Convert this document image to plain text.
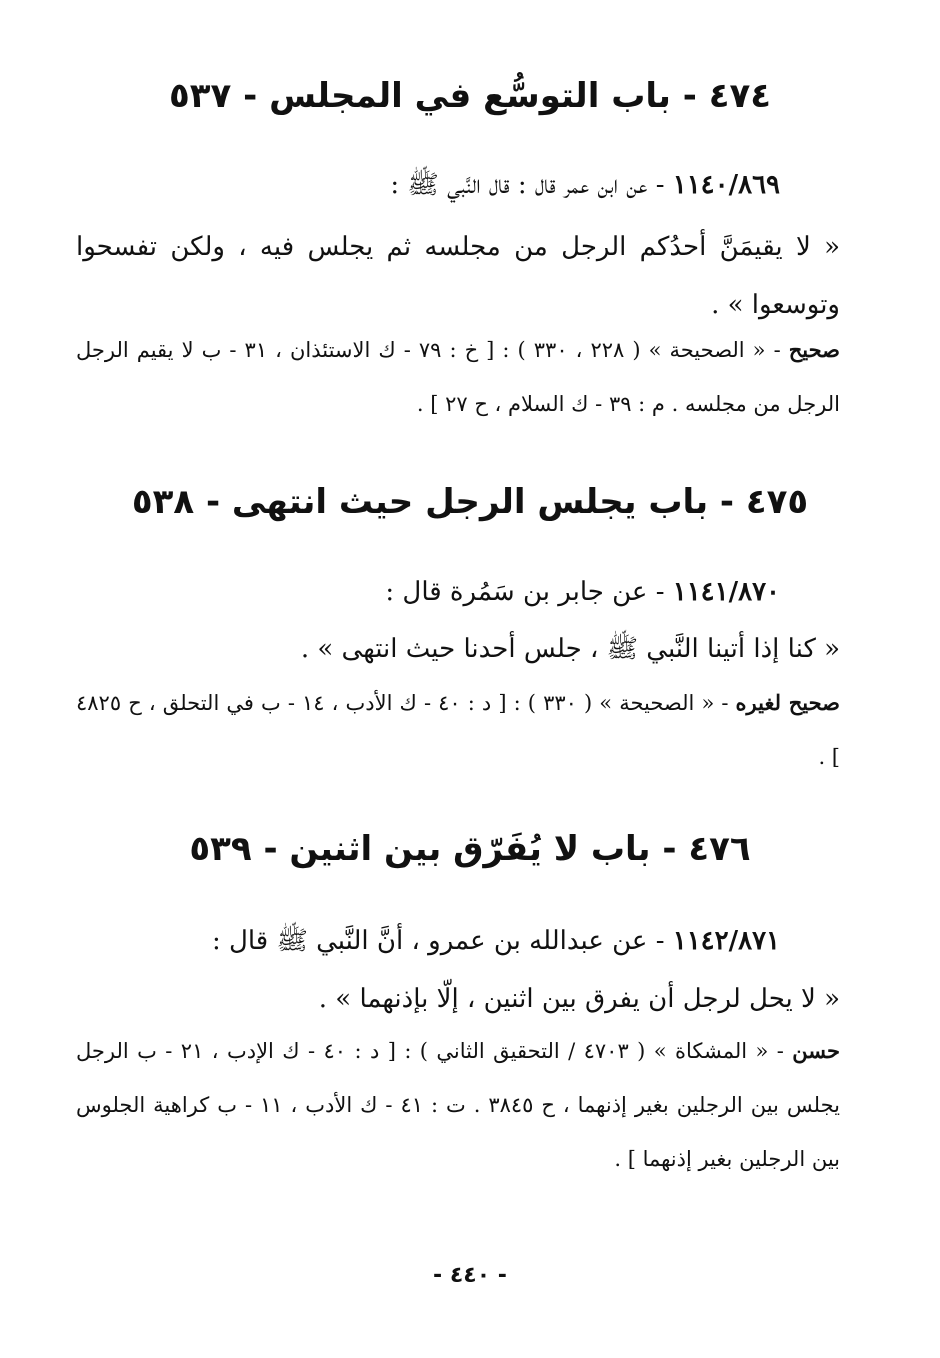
٤٧٤ - باب التوسُّع في المجلس - ٥٣٧
١١٤٠/٨٦٩ - عن ابن عمر قال : قال النَّبي ﷺ :
« لا يقيمَنَّ أحدُكم الرجل من مجلسه ثم يجلس فيه ، ولكن تفسحوا وتوسعوا » .
صحيح - « الصحيحة » ( ٢٢٨ ، ٣٣٠ ) : [ خ : ٧٩ - ك الاستئذان ، ٣١ - ب لا يقيم الرجل الرجل من مجلسه . م : ٣٩ - ك السلام ، ح ٢٧ ] .
٤٧٥ - باب يجلس الرجل حيث انتهى - ٥٣٨
١١٤١/٨٧٠ - عن جابر بن سَمُرة قال :
« كنا إذا أتينا النَّبي ﷺ ، جلس أحدنا حيث انتهى » .
صحيح لغيره - « الصحيحة » ( ٣٣٠ ) : [ د : ٤٠ - ك الأدب ، ١٤ - ب في التحلق ، ح ٤٨٢٥ ] .
٤٧٦ - باب لا يُفَرّق بين اثنين - ٥٣٩
١١٤٢/٨٧١ - عن عبدالله بن عمرو ، أنَّ النَّبي ﷺ قال :
« لا يحل لرجل أن يفرق بين اثنين ، إلّا بإذنهما » .
حسن - « المشكاة » ( ٤٧٠٣ / التحقيق الثاني ) : [ د : ٤٠ - ك الإدب ، ٢١ - ب الرجل يجلس بين الرجلين بغير إذنهما ، ح ٣٨٤٥ . ت : ٤١ - ك الأدب ، ١١ - ب كراهية الجلوس بين الرجلين بغير إذنهما ] .
- ٤٤٠ -
